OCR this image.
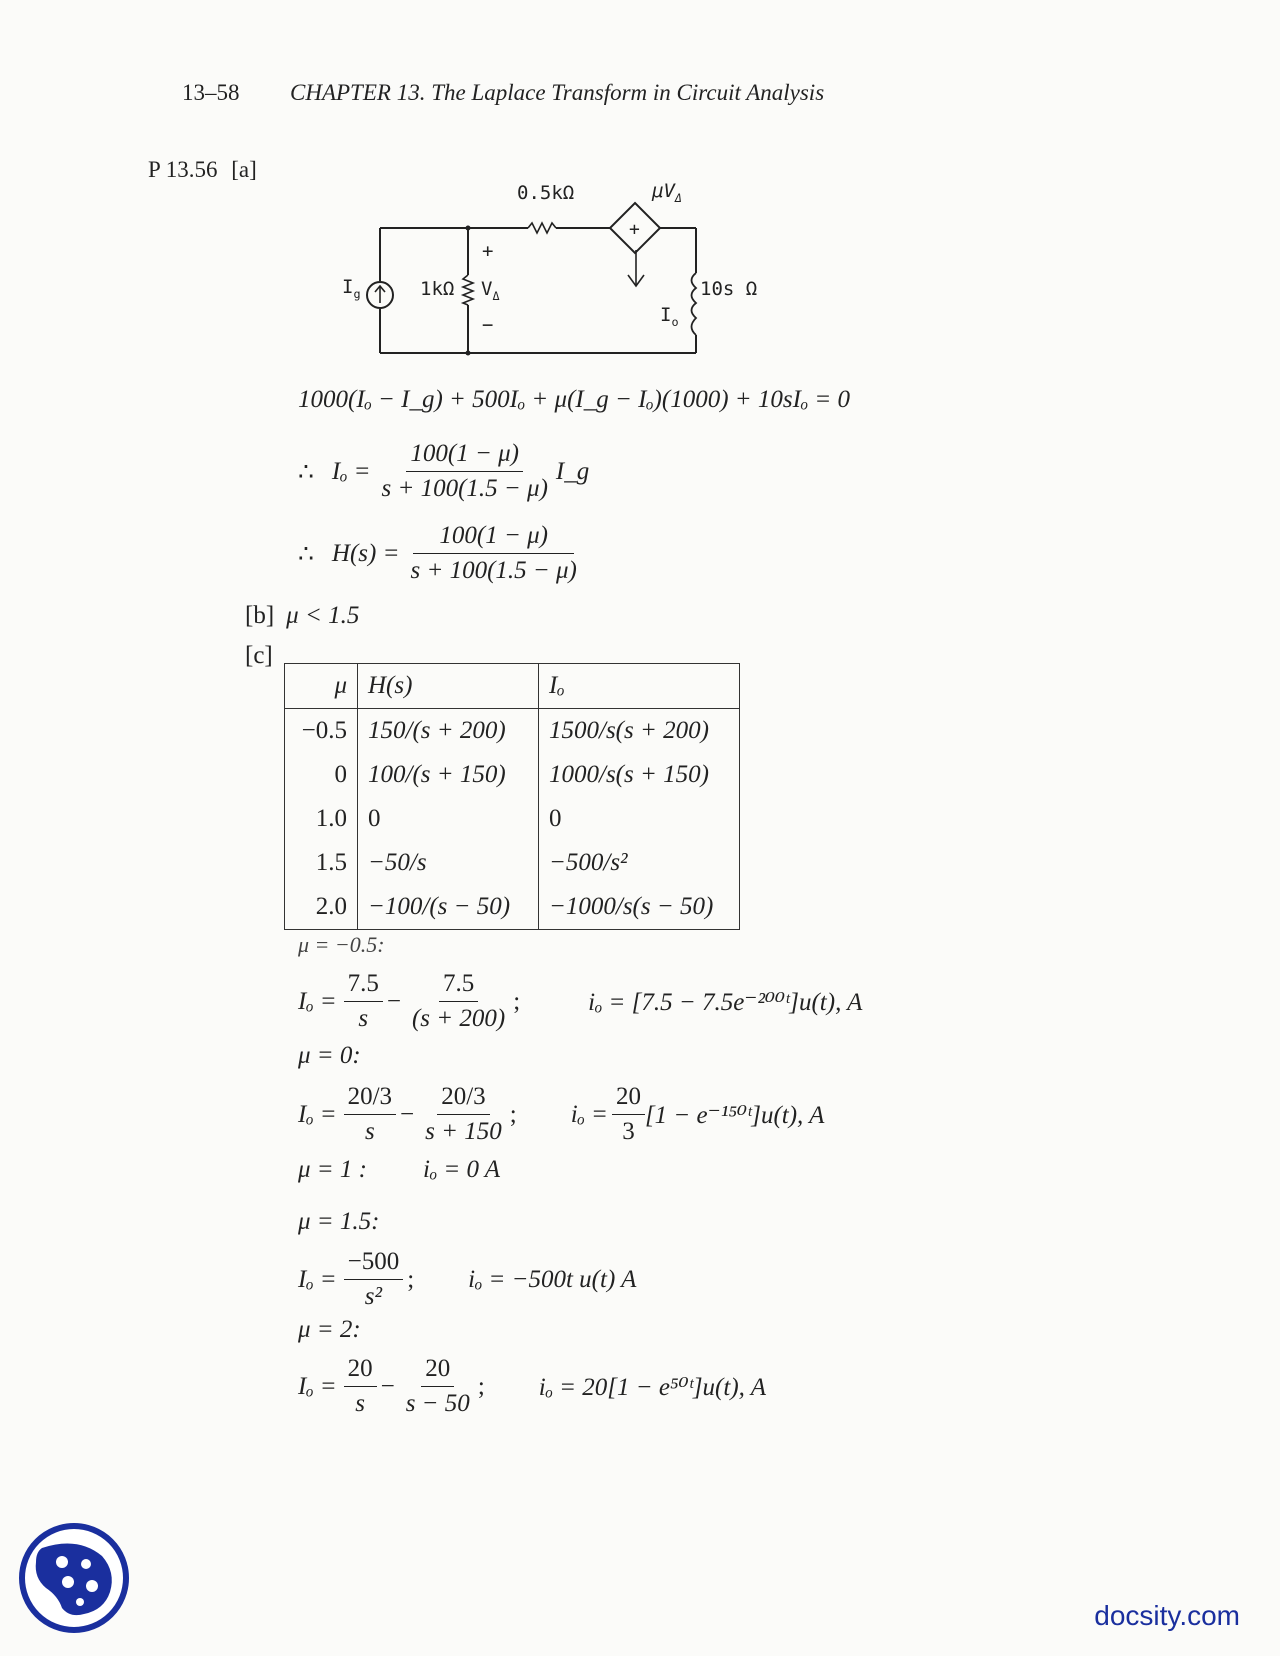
13–58 CHAPTER 13. The Laplace Transform in Circuit Analysis
P 13.56 [a]
+
0.5kΩ	$\mu V_\Delta$
$I_g$	1kΩ $V_\Delta$
+
−
10s Ω
$I_o$
1000(Iₒ − I_g) + 500Iₒ + μ(I_g − Iₒ)(1000) + 10sIₒ = 0
∴ $I_o = \frac{100(1 - \mu)}{s + 100(1.5 - \mu)}$ I_g
∴ $H(s) = \frac{100(1 - \mu)}{s + 100(1.5 - \mu)}$
[b] μ < 1.5
[c]
μ	H(s)	Iₒ
−0.5	150/(s + 200)	1500/s(s + 200)
0	100/(s + 150)	1000/s(s + 150)
1.0	0	0
1.5	−50/s	−500/s²
2.0	−100/(s − 50)	−1000/s(s − 50)
μ = −0.5:
$I_o = \frac{7.5}{s} - \frac{7.5}{(s + 200)}$ ;	iₒ = [7.5 − 7.5e⁻²⁰⁰ᵗ]u(t), A
μ = 0:
$I_o = \frac{20/3}{s} - \frac{20/3}{s + 150}$ ; $i_o = \frac{20}{3} [1$ − e⁻¹⁵⁰ᵗ]u(t), A
μ = 1 : iₒ = 0 A
μ = 1.5:
$I_o = \frac{-500}{\text{s²}}$ ; iₒ = −500t u(t) A
μ = 2:
$I_o = \frac{20}{s} - \frac{20}{s - 50}$ ; iₒ = 20[1 − e⁵⁰ᵗ]u(t), A
docsity.com
